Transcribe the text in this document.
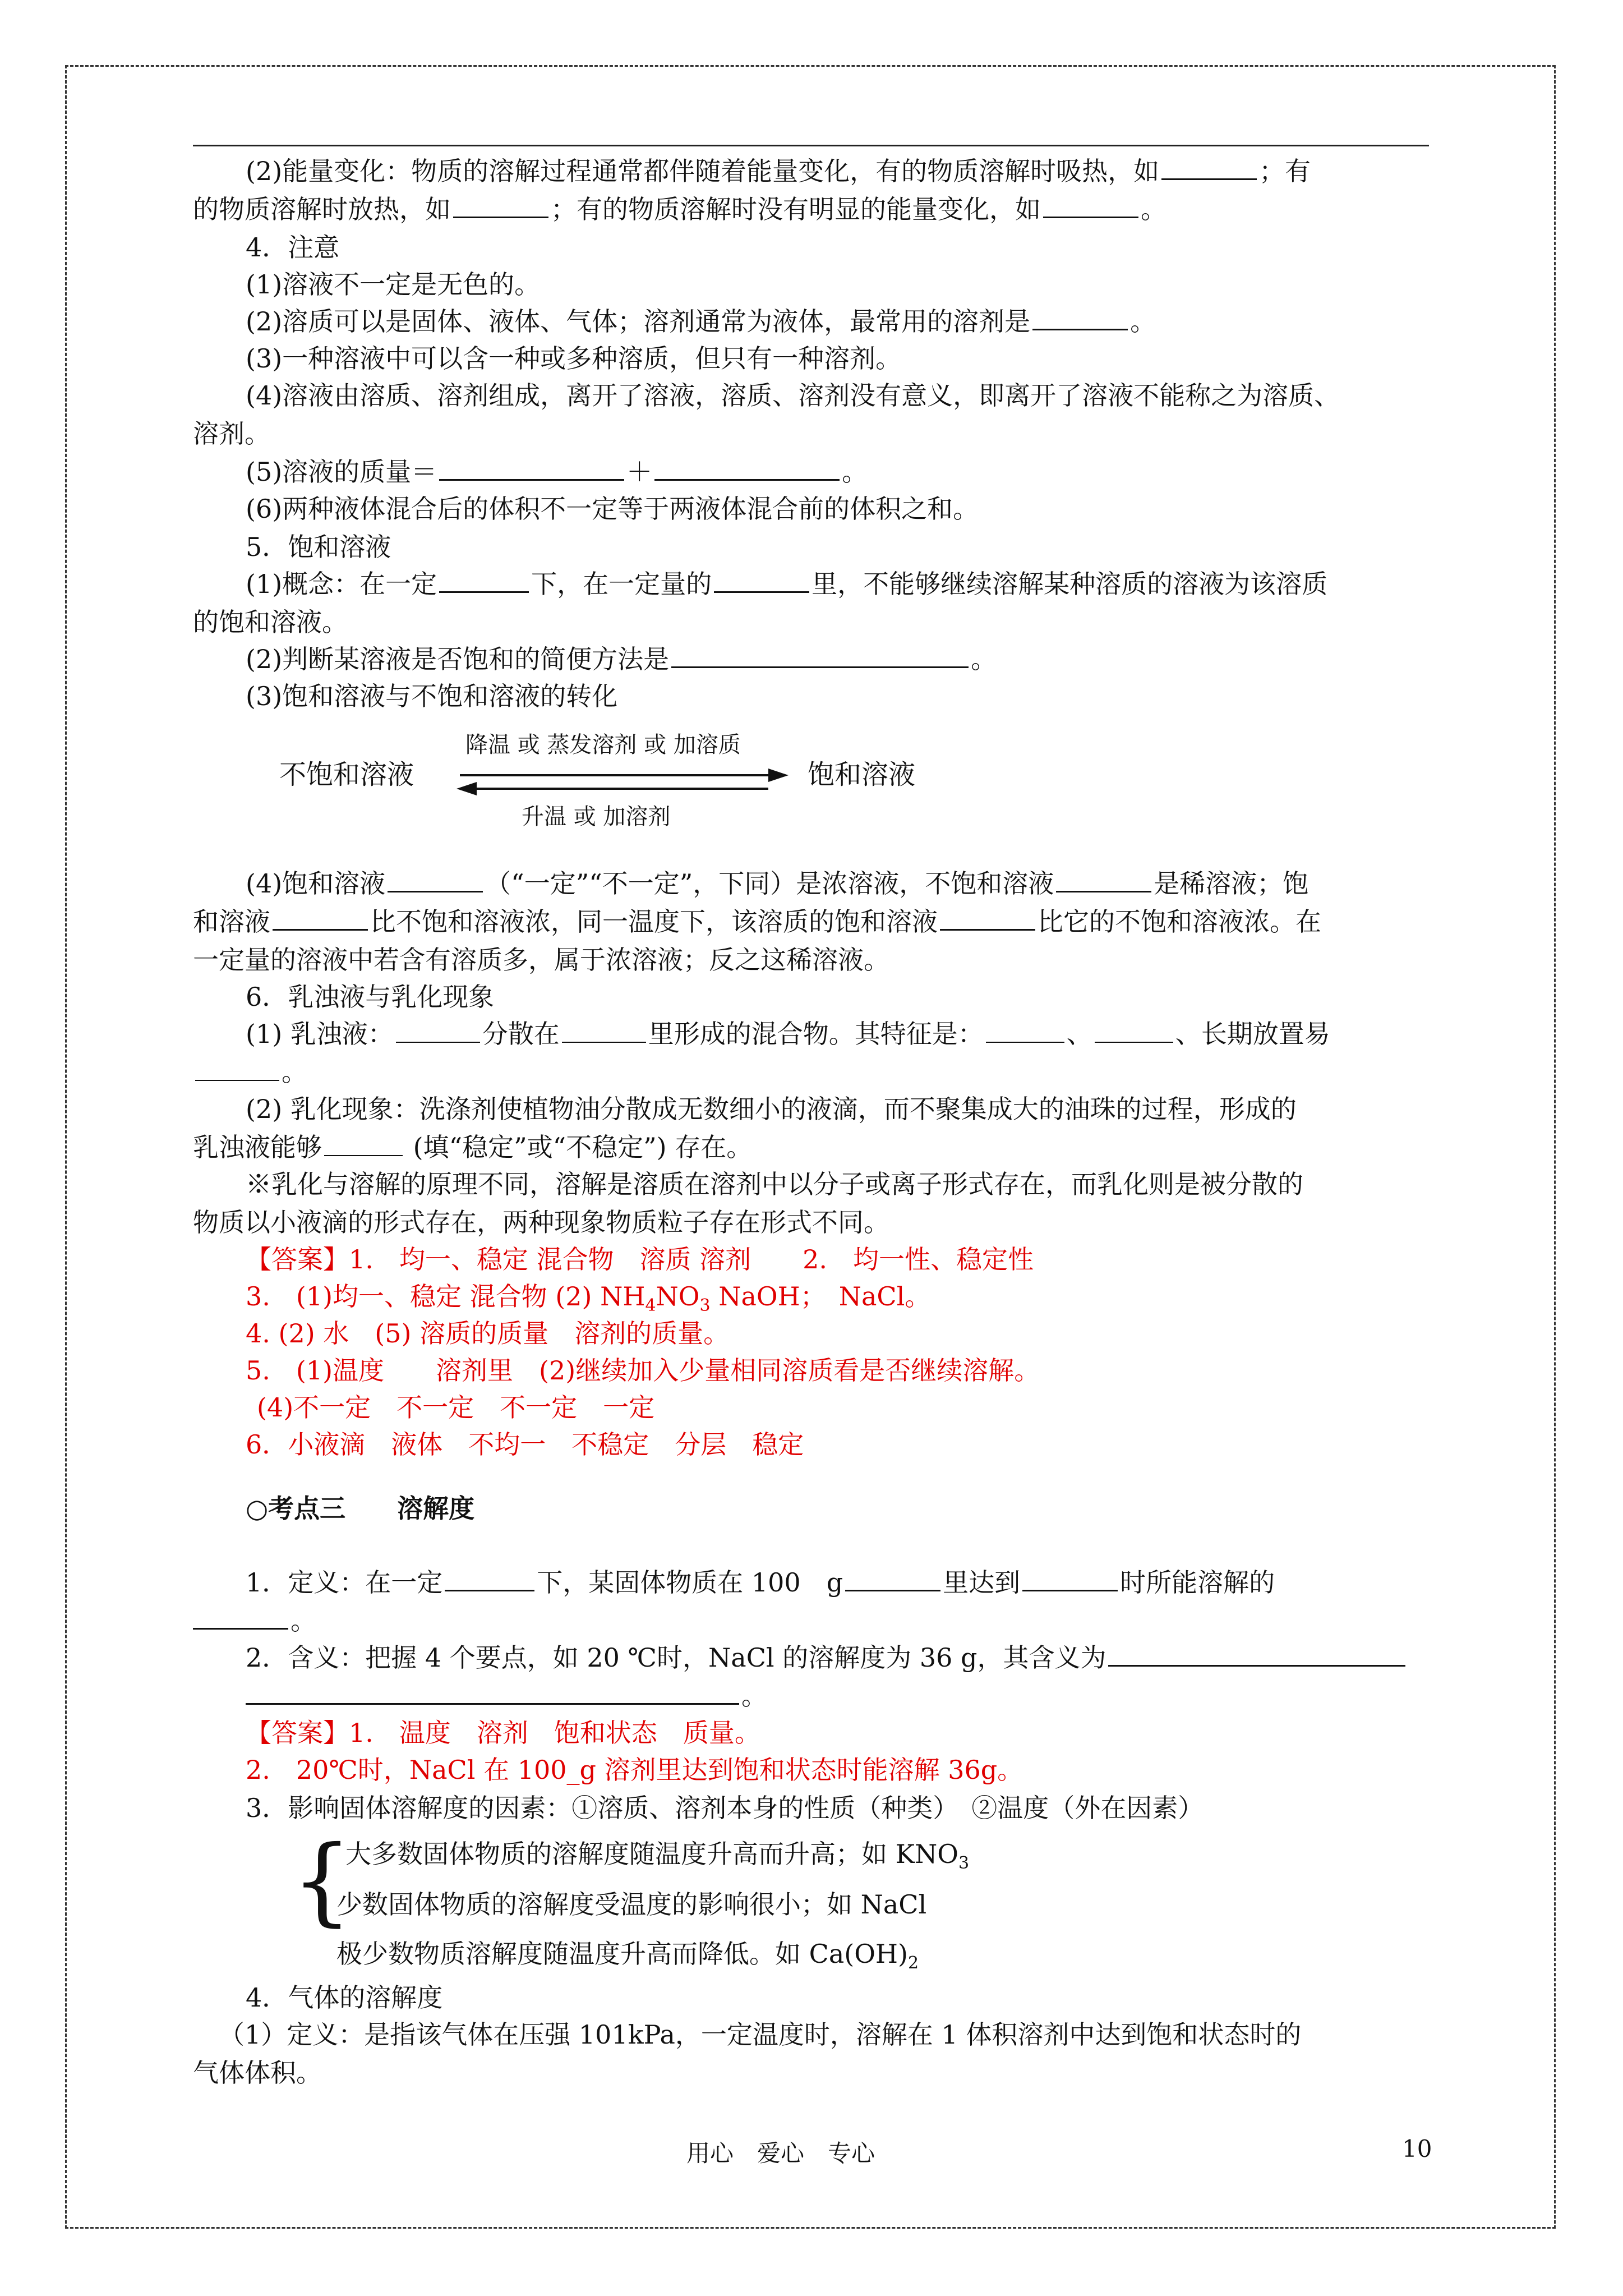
(2)能量变化：物质的溶解过程通常都伴随着能量变化，有的物质溶解时吸热，如	；有
的物质溶解时放热，如	；有的物质溶解时没有明显的能量变化，如	。
4．注意
(1)溶液不一定是无色的。
(2)溶质可以是固体、液体、气体；溶剂通常为液体，最常用的溶剂是	。
(3)一种溶液中可以含一种或多种溶质，但只有一种溶剂。
(4)溶液由溶质、溶剂组成，离开了溶液，溶质、溶剂没有意义，即离开了溶液不能称之为溶质、
溶剂。
(5)溶液的质量＝	＋	。
(6)两种液体混合后的体积不一定等于两液体混合前的体积之和。
5．饱和溶液
(1)概念：在一定	下，在一定量的	里，不能够继续溶解某种溶质的溶液为该溶质
的饱和溶液。
(2)判断某溶液是否饱和的简便方法是	。
(3)饱和溶液与不饱和溶液的转化
不饱和溶液	饱和溶液
降温 或 蒸发溶剂 或 加溶质
升温 或 加溶剂
(4)饱和溶液	（“一定”“不一定”，下同）是浓溶液，不饱和溶液	是稀溶液；饱
和溶液	比不饱和溶液浓，同一温度下，该溶质的饱和溶液	比它的不饱和溶液浓。在
一定量的溶液中若含有溶质多，属于浓溶液；反之这稀溶液。
6．乳浊液与乳化现象
(1) 乳浊液：	分散在	里形成的混合物。其特征是：	、	、长期放置易
。
(2) 乳化现象：洗涤剂使植物油分散成无数细小的液滴，而不聚集成大的油珠的过程，形成的
乳浊液能够	(填“稳定”或“不稳定”) 存在。
※乳化与溶解的原理不同，溶解是溶质在溶剂中以分子或离子形式存在，而乳化则是被分散的
物质以小液滴的形式存在，两种现象物质粒子存在形式不同。
【答案】1.　均一、稳定 混合物　溶质 溶剂　　2.　均一性、稳定性
3.　(1)均一、稳定 混合物 (2) $NH_4NO_3$ NaOH；　NaCl。
4. (2) 水　(5) 溶质的质量　溶剂的质量。
5.　(1)温度　　溶剂里　(2)继续加入少量相同溶质看是否继续溶解。
(4)不一定　不一定　不一定　一定
6．小液滴　液体　不均一　不稳定　分层　稳定
○考点三　　溶解度
1．定义：在一定	下，某固体物质在 100　g	里达到	时所能溶解的
。
2．含义：把握 4 个要点，如 20 ℃时，NaCl 的溶解度为 36 g，其含义为
。
【答案】1.　温度　溶剂　饱和状态　质量。
2.　20℃时，NaCl 在 100_g 溶剂里达到饱和状态时能溶解 36g。
3．影响固体溶解度的因素：①溶质、溶剂本身的性质（种类）　②温度（外在因素）
{
大多数固体物质的溶解度随温度升高而升高；如 $KNO_3$
少数固体物质的溶解度受温度的影响很小；如 NaCl
极少数物质溶解度随温度升高而降低。如 $Ca(OH)_2$
4．气体的溶解度
（1）定义：是指该气体在压强 101kPa，一定温度时，溶解在 1 体积溶剂中达到饱和状态时的
气体体积。
用心　爱心　专心	10
